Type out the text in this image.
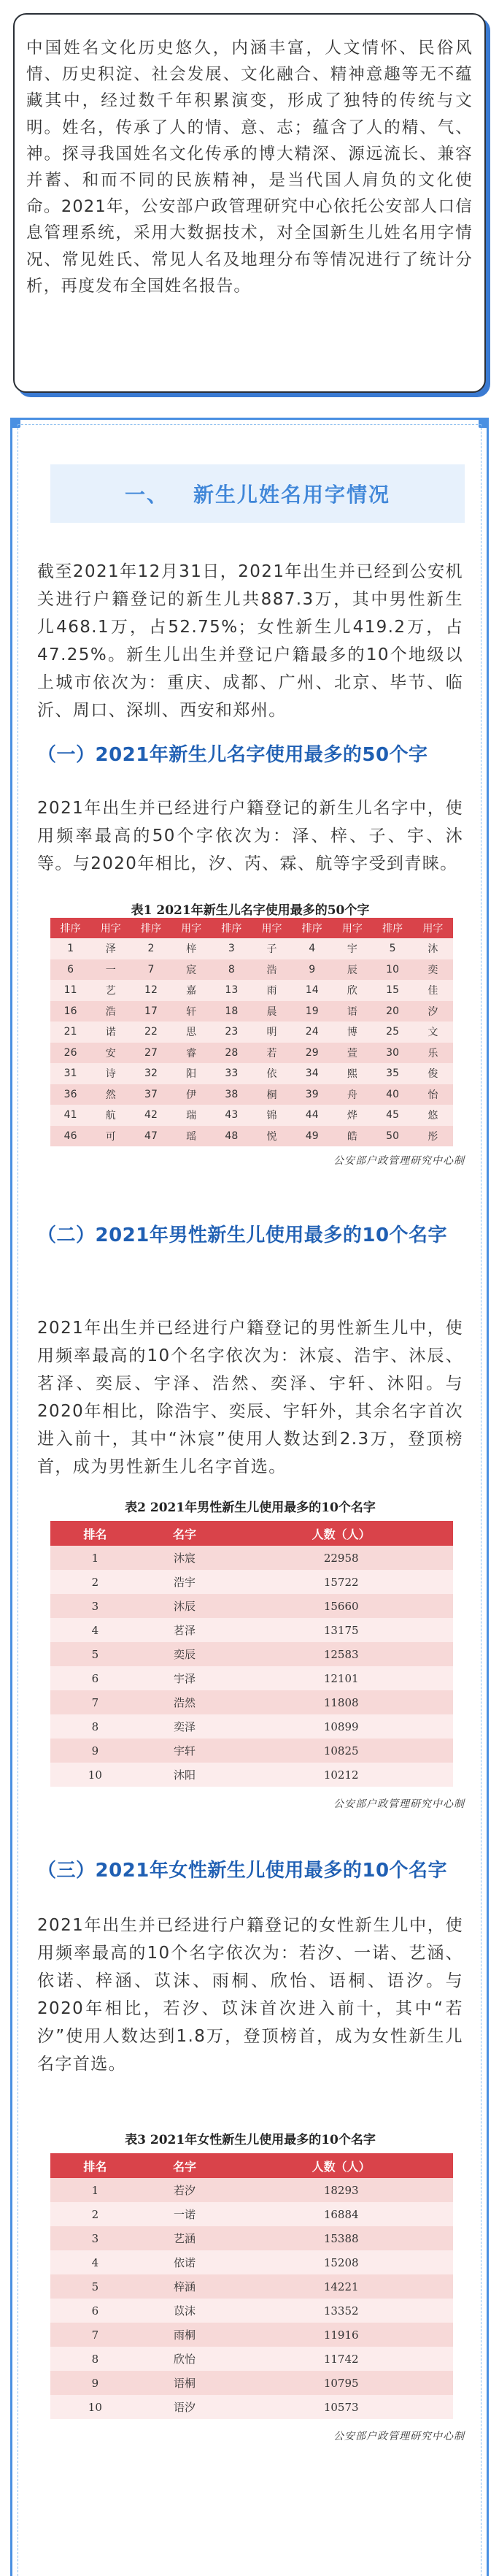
中国姓名文化历史悠久，内涵丰富，人文情怀、民俗风情、历史积淀、社会发展、文化融合、精神意趣等无不蕴藏其中，经过数千年积累演变，形成了独特的传统与文明。姓名，传承了人的情、意、志；蕴含了人的精、气、神。探寻我国姓名文化传承的博大精深、源远流长、兼容并蓄、和而不同的民族精神，是当代国人肩负的文化使命。2021年，公安部户政管理研究中心依托公安部人口信息管理系统，采用大数据技术，对全国新生儿姓名用字情况、常见姓氏、常见人名及地理分布等情况进行了统计分析，再度发布全国姓名报告。

一、 新生儿姓名用字情况

截至2021年12月31日，2021年出生并已经到公安机关进行户籍登记的新生儿共887.3万，其中男性新生儿468.1万，占52.75%；女性新生儿419.2万，占47.25%。新生儿出生并登记户籍最多的10个地级以上城市依次为：重庆、成都、广州、北京、毕节、临沂、周口、深圳、西安和郑州。

（一）2021年新生儿名字使用最多的50个字

2021年出生并已经进行户籍登记的新生儿名字中，使用频率最高的50个字依次为：泽、梓、子、宇、沐等。与2020年相比，汐、芮、霖、航等字受到青睐。

表1 2021年新生儿名字使用最多的50个字
排序	用字	排序	用字	排序	用字	排序	用字	排序	用字
1	泽	2	梓	3	子	4	宇	5	沐
6	一	7	宸	8	浩	9	辰	10	奕
11	艺	12	嘉	13	雨	14	欣	15	佳
16	浩	17	轩	18	晨	19	语	20	汐
21	诺	22	思	23	明	24	博	25	文
26	安	27	睿	28	若	29	萱	30	乐
31	诗	32	阳	33	依	34	熙	35	俊
36	然	37	伊	38	桐	39	舟	40	怡
41	航	42	瑞	43	锦	44	烨	45	悠
46	可	47	瑶	48	悦	49	皓	50	彤
公安部户政管理研究中心制
（二）2021年男性新生儿使用最多的10个名字

2021年出生并已经进行户籍登记的男性新生儿中，使用频率最高的10个名字依次为：沐宸、浩宇、沐辰、茗泽、奕辰、宇泽、浩然、奕泽、宇轩、沐阳。与2020年相比，除浩宇、奕辰、宇轩外，其余名字首次进入前十，其中“沐宸”使用人数达到2.3万，登顶榜首，成为男性新生儿名字首选。

表2 2021年男性新生儿使用最多的10个名字
排名	名字	人数（人）
1	沐宸	22958
2	浩宇	15722
3	沐辰	15660
4	茗泽	13175
5	奕辰	12583
6	宇泽	12101
7	浩然	11808
8	奕泽	10899
9	宇轩	10825
10	沐阳	10212
公安部户政管理研究中心制
（三）2021年女性新生儿使用最多的10个名字

2021年出生并已经进行户籍登记的女性新生儿中，使用频率最高的10个名字依次为：若汐、一诺、艺涵、依诺、梓涵、苡沫、雨桐、欣怡、语桐、语汐。与2020年相比，若汐、苡沫首次进入前十，其中“若汐”使用人数达到1.8万，登顶榜首，成为女性新生儿名字首选。

表3 2021年女性新生儿使用最多的10个名字
排名	名字	人数（人）
1	若汐	18293
2	一诺	16884
3	艺涵	15388
4	依诺	15208
5	梓涵	14221
6	苡沫	13352
7	雨桐	11916
8	欣怡	11742
9	语桐	10795
10	语汐	10573
公安部户政管理研究中心制
